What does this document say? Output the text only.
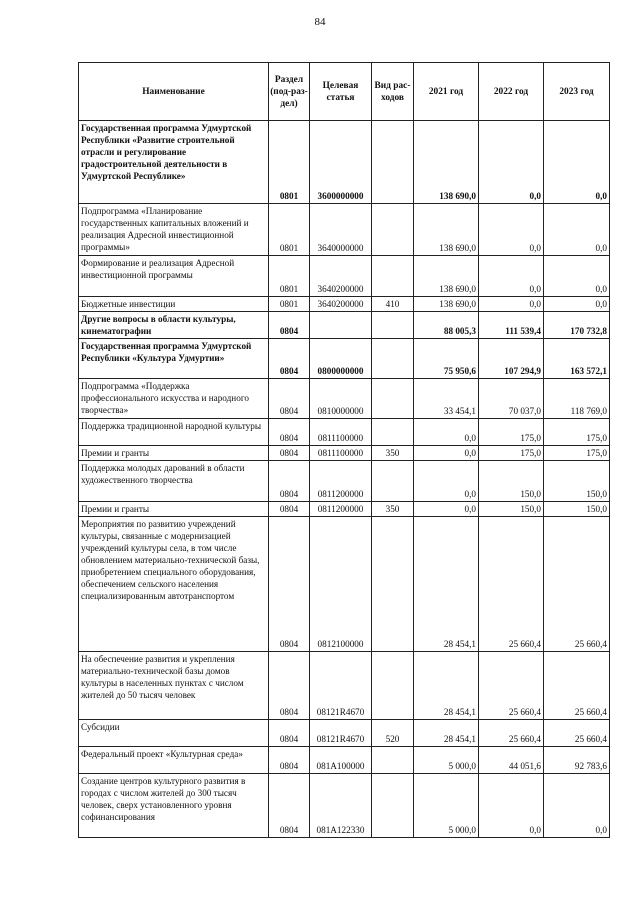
84
Наименование	Раздел (под-раз-дел)	Целевая статья	Вид рас-ходов	2021 год	2022 год	2023 год
Государственная программа Удмуртской Республики «Развитие строительной отрасли и регулирование градостроительной деятельности в Удмуртской Республике»	0801	3600000000		138 690,0	0,0	0,0
Подпрограмма «Планирование государственных капитальных вложений и реализация Адресной инвестиционной программы»	0801	3640000000		138 690,0	0,0	0,0
Формирование и реализация Адресной инвестиционной программы	0801	3640200000		138 690,0	0,0	0,0
Бюджетные инвестиции	0801	3640200000	410	138 690,0	0,0	0,0
Другие вопросы в области культуры, кинематографии	0804			88 005,3	111 539,4	170 732,8
Государственная программа Удмуртской Республики «Культура Удмуртии»	0804	0800000000		75 950,6	107 294,9	163 572,1
Подпрограмма «Поддержка профессионального искусства и народного творчества»	0804	0810000000		33 454,1	70 037,0	118 769,0
Поддержка традиционной народной культуры	0804	0811100000		0,0	175,0	175,0
Премии и гранты	0804	0811100000	350	0,0	175,0	175,0
Поддержка молодых дарований в области художественного творчества	0804	0811200000		0,0	150,0	150,0
Премии и гранты	0804	0811200000	350	0,0	150,0	150,0
Мероприятия по развитию учреждений культуры, связанные с модернизацией учреждений культуры села, в том числе обновлением материально-технической базы, приобретением специального оборудования, обеспечением сельского населения специализированным автотранспортом	0804	0812100000		28 454,1	25 660,4	25 660,4
На обеспечение развития и укрепления материально-технической базы домов культуры в населенных пунктах с числом жителей до 50 тысяч человек	0804	08121R4670		28 454,1	25 660,4	25 660,4
Субсидии	0804	08121R4670	520	28 454,1	25 660,4	25 660,4
Федеральный проект «Культурная среда»	0804	081A100000		5 000,0	44 051,6	92 783,6
Создание центров культурного развития в городах с числом жителей до 300 тысяч человек, сверх установленного уровня софинансирования	0804	081A122330		5 000,0	0,0	0,0
